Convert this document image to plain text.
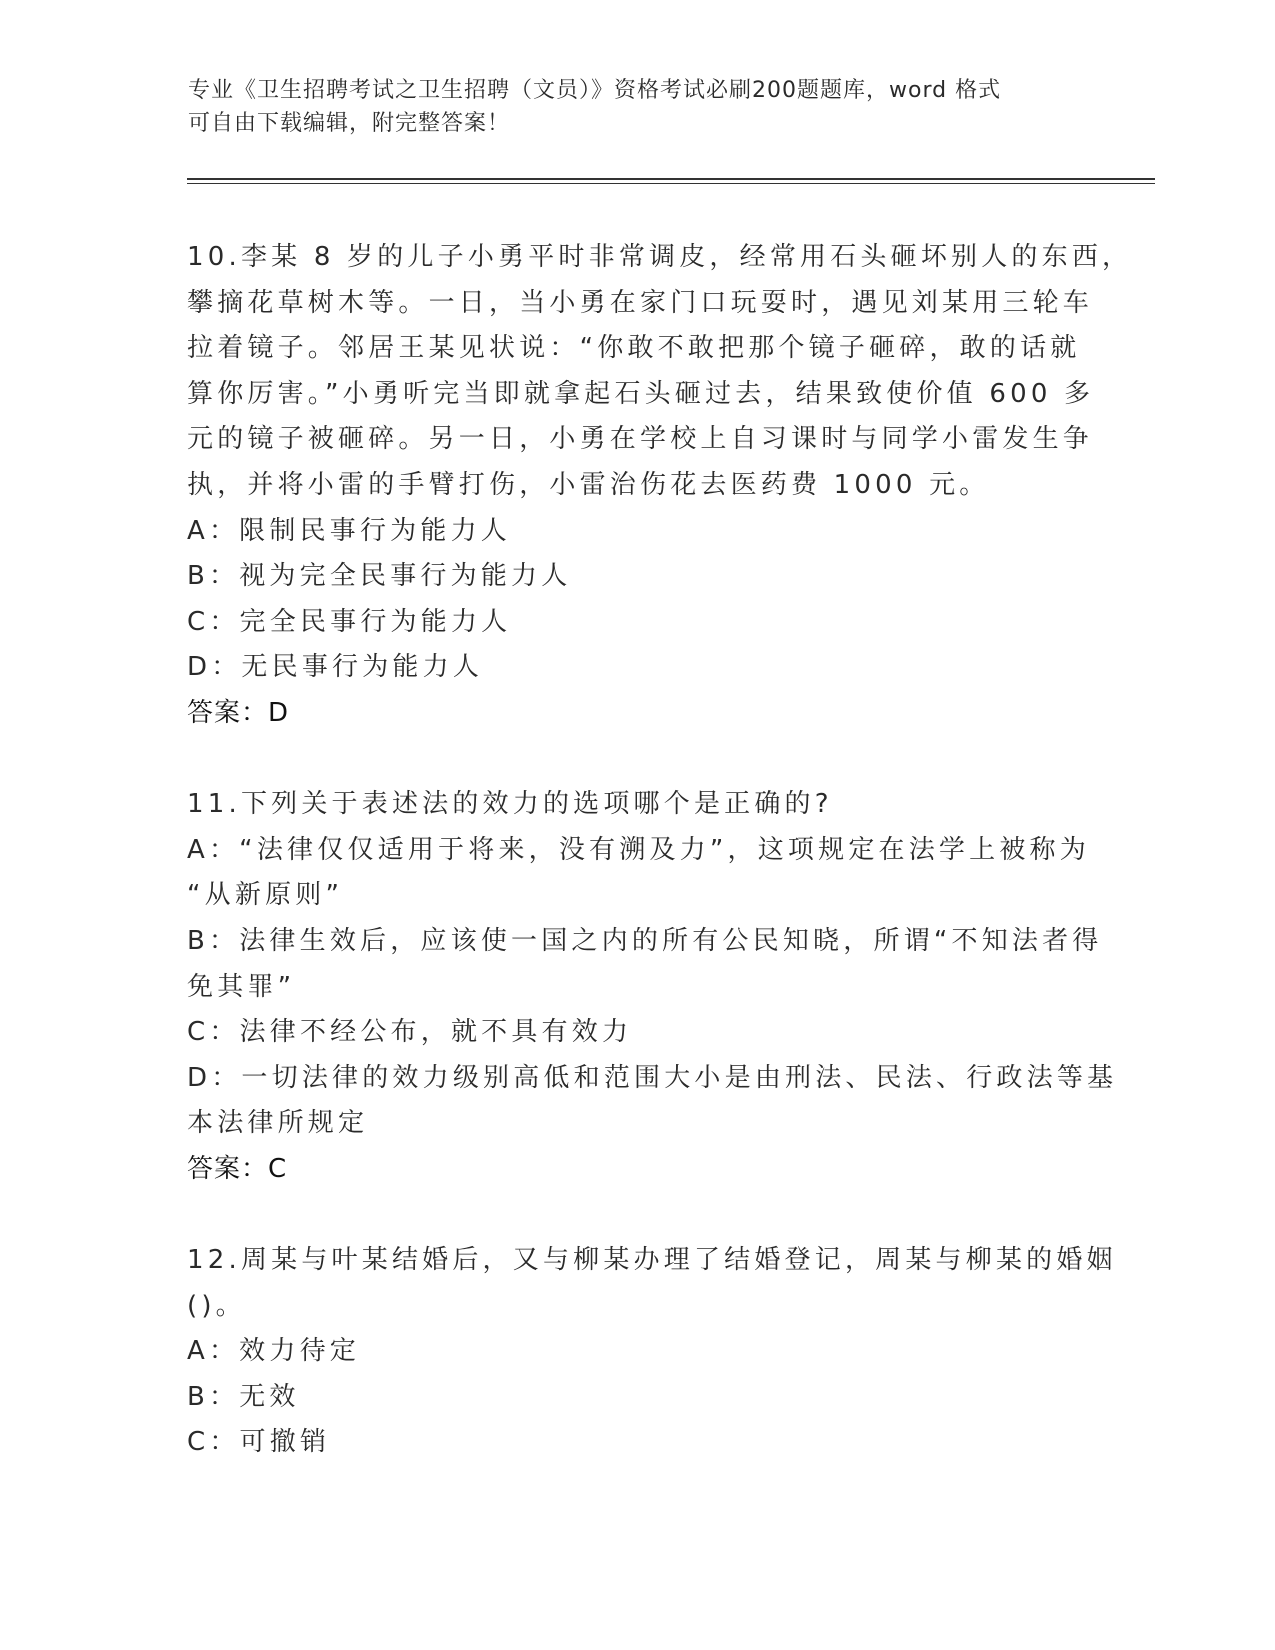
专业《卫生招聘考试之卫生招聘（文员）》资格考试必刷200题题库，word 格式
可自由下载编辑，附完整答案！
10.李某 8 岁的儿子小勇平时非常调皮，经常用石头砸坏别人的东西，
攀摘花草树木等。一日，当小勇在家门口玩耍时，遇见刘某用三轮车
拉着镜子。邻居王某见状说：“你敢不敢把那个镜子砸碎，敢的话就
算你厉害。”小勇听完当即就拿起石头砸过去，结果致使价值 600 多
元的镜子被砸碎。另一日，小勇在学校上自习课时与同学小雷发生争
执，并将小雷的手臂打伤，小雷治伤花去医药费 1000 元。
A：限制民事行为能力人
B：视为完全民事行为能力人
C：完全民事行为能力人
D：无民事行为能力人
答案：D
11.下列关于表述法的效力的选项哪个是正确的?
A：“法律仅仅适用于将来，没有溯及力”，这项规定在法学上被称为
“从新原则”
B：法律生效后，应该使一国之内的所有公民知晓，所谓“不知法者得
免其罪”
C：法律不经公布，就不具有效力
D：一切法律的效力级别高低和范围大小是由刑法、民法、行政法等基
本法律所规定
答案：C
12.周某与叶某结婚后，又与柳某办理了结婚登记，周某与柳某的婚姻
()。
A：效力待定
B：无效
C：可撤销
